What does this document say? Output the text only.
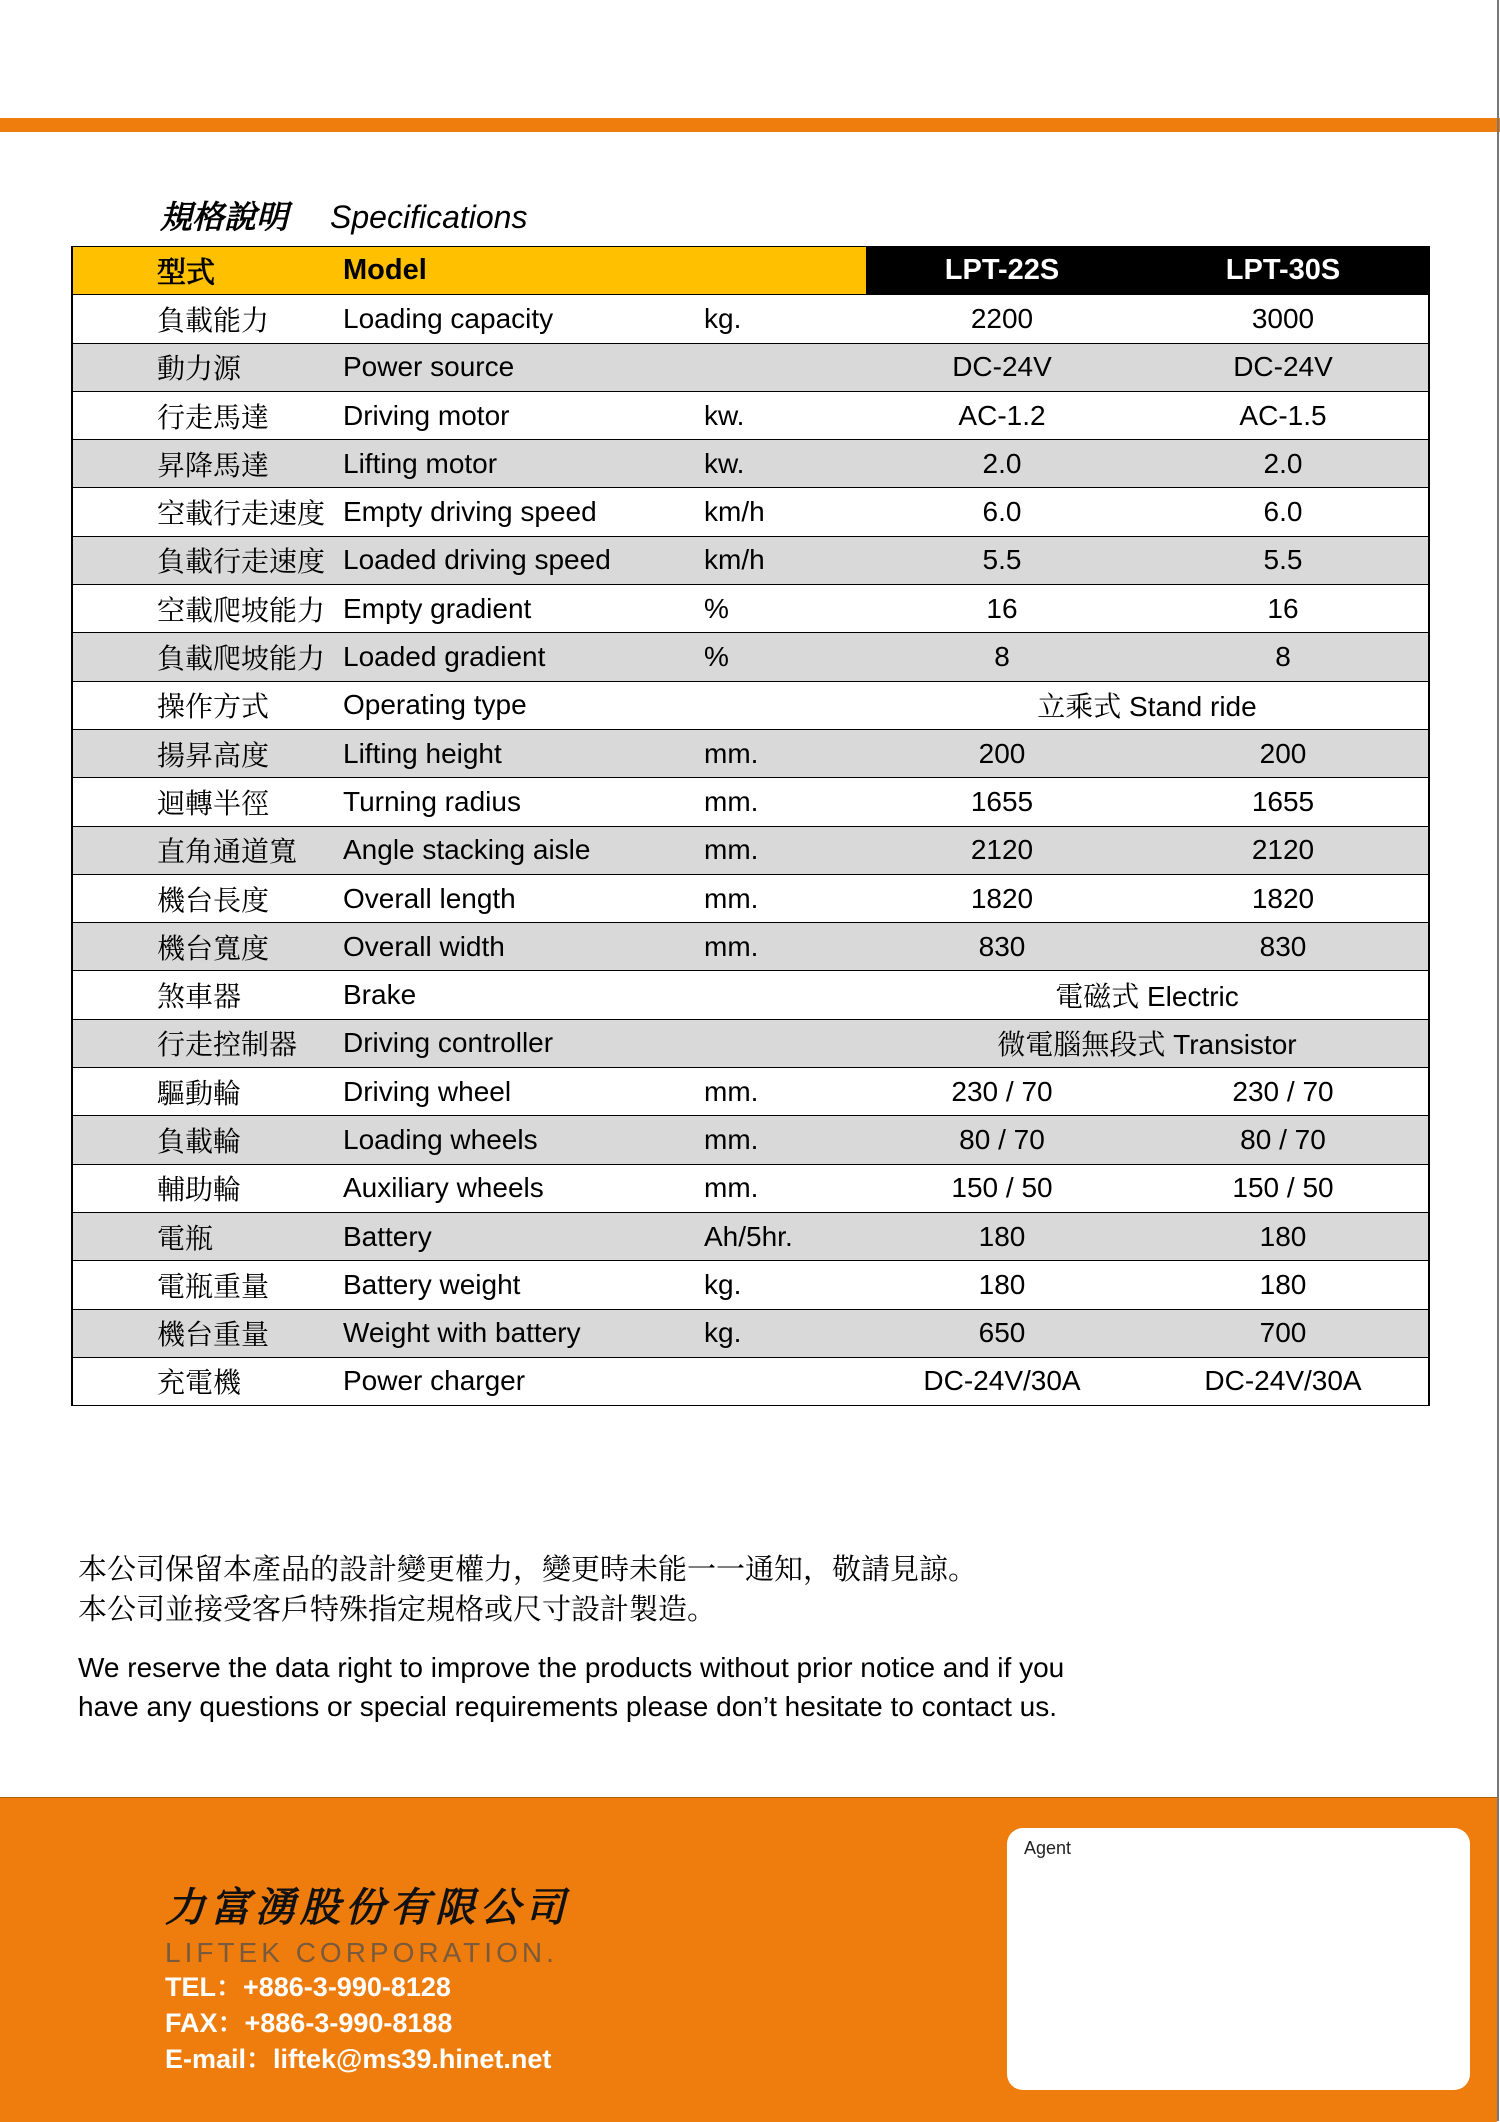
規格說明 Specifications
型式	Model		LPT-22S	LPT-30S
負載能力	Loading capacity	kg.	2200	3000
動力源	Power source		DC-24V	DC-24V
行走馬達	Driving motor	kw.	AC-1.2	AC-1.5
昇降馬達	Lifting motor	kw.	2.0	2.0
空載行走速度	Empty driving speed	km/h	6.0	6.0
負載行走速度	Loaded driving speed	km/h	5.5	5.5
空載爬坡能力	Empty gradient	%	16	16
負載爬坡能力	Loaded gradient	%	8	8
操作方式	Operating type		立乘式 Stand ride	
揚昇高度	Lifting height	mm.	200	200
迴轉半徑	Turning radius	mm.	1655	1655
直角通道寬	Angle stacking aisle	mm.	2120	2120
機台長度	Overall length	mm.	1820	1820
機台寬度	Overall width	mm.	830	830
煞車器	Brake		電磁式 Electric	
行走控制器	Driving controller		微電腦無段式 Transistor	
驅動輪	Driving wheel	mm.	230 / 70	230 / 70
負載輪	Loading wheels	mm.	80 / 70	80 / 70
輔助輪	Auxiliary wheels	mm.	150 / 50	150 / 50
電瓶	Battery	Ah/5hr.	180	180
電瓶重量	Battery weight	kg.	180	180
機台重量	Weight with battery	kg.	650	700
充電機	Power charger		DC-24V/30A	DC-24V/30A
本公司保留本產品的設計變更權力，變更時未能一一通知，敬請見諒。
本公司並接受客戶特殊指定規格或尺寸設計製造。
We reserve the data right to improve the products without prior notice and if you
have any questions or special requirements please don’t hesitate to contact us.
力富湧股份有限公司
LIFTEK CORPORATION.
TEL：+886-3-990-8128
FAX：+886-3-990-8188
E-mail：liftek@ms39.hinet.net
Agent
